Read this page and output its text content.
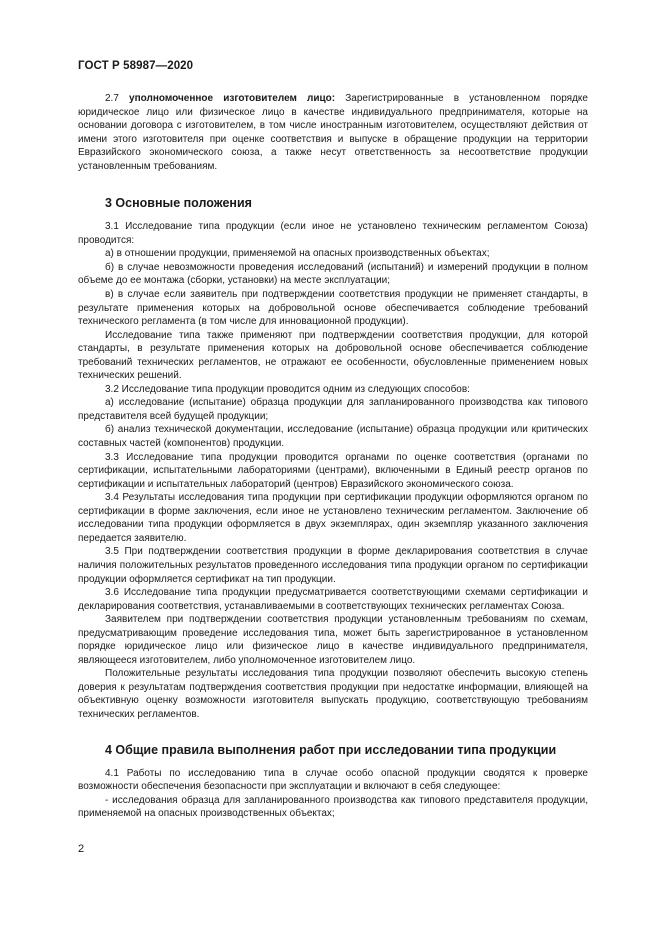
ГОСТ Р 58987—2020

2.7 уполномоченное изготовителем лицо: Зарегистрированные в установленном порядке юридическое лицо или физическое лицо в качестве индивидуального предпринимателя, которые на основании договора с изготовителем, в том числе иностранным изготовителем, осуществляют действия от имени этого изготовителя при оценке соответствия и выпуске в обращение продукции на территории Евразийского экономического союза, а также несут ответственность за несоответствие продукции установленным требованиям.

3 Основные положения

3.1 Исследование типа продукции (если иное не установлено техническим регламентом Союза) проводится:

а) в отношении продукции, применяемой на опасных производственных объектах;

б) в случае невозможности проведения исследований (испытаний) и измерений продукции в полном объеме до ее монтажа (сборки, установки) на месте эксплуатации;

в) в случае если заявитель при подтверждении соответствия продукции не применяет стандарты, в результате применения которых на добровольной основе обеспечивается соблюдение требований технического регламента (в том числе для инновационной продукции).

Исследование типа также применяют при подтверждении соответствия продукции, для которой стандарты, в результате применения которых на добровольной основе обеспечивается соблюдение требований технических регламентов, не отражают ее особенности, обусловленные применением новых технических решений.

3.2 Исследование типа продукции проводится одним из следующих способов:

а) исследование (испытание) образца продукции для запланированного производства как типового представителя всей будущей продукции;

б) анализ технической документации, исследование (испытание) образца продукции или критических составных частей (компонентов) продукции.

3.3 Исследование типа продукции проводится органами по оценке соответствия (органами по сертификации, испытательными лабораториями (центрами), включенными в Единый реестр органов по сертификации и испытательных лабораторий (центров) Евразийского экономического союза.

3.4 Результаты исследования типа продукции при сертификации продукции оформляются органом по сертификации в форме заключения, если иное не установлено техническим регламентом. Заключение об исследовании типа продукции оформляется в двух экземплярах, один экземпляр указанного заключения передается заявителю.

3.5 При подтверждении соответствия продукции в форме декларирования соответствия в случае наличия положительных результатов проведенного исследования типа продукции органом по сертификации продукции оформляется сертификат на тип продукции.

3.6 Исследование типа продукции предусматривается соответствующими схемами сертификации и декларирования соответствия, устанавливаемыми в соответствующих технических регламентах Союза.

Заявителем при подтверждении соответствия продукции установленным требованиям по схемам, предусматривающим проведение исследования типа, может быть зарегистрированное в установленном порядке юридическое лицо или физическое лицо в качестве индивидуального предпринимателя, являющееся изготовителем, либо уполномоченное изготовителем лицо.

Положительные результаты исследования типа продукции позволяют обеспечить высокую степень доверия к результатам подтверждения соответствия продукции при недостатке информации, влияющей на объективную оценку возможности изготовителя выпускать продукцию, соответствующую требованиям технических регламентов.

4 Общие правила выполнения работ при исследовании типа продукции

4.1 Работы по исследованию типа в случае особо опасной продукции сводятся к проверке возможности обеспечения безопасности при эксплуатации и включают в себя следующее:

- исследования образца для запланированного производства как типового представителя продукции, применяемой на опасных производственных объектах;

2
